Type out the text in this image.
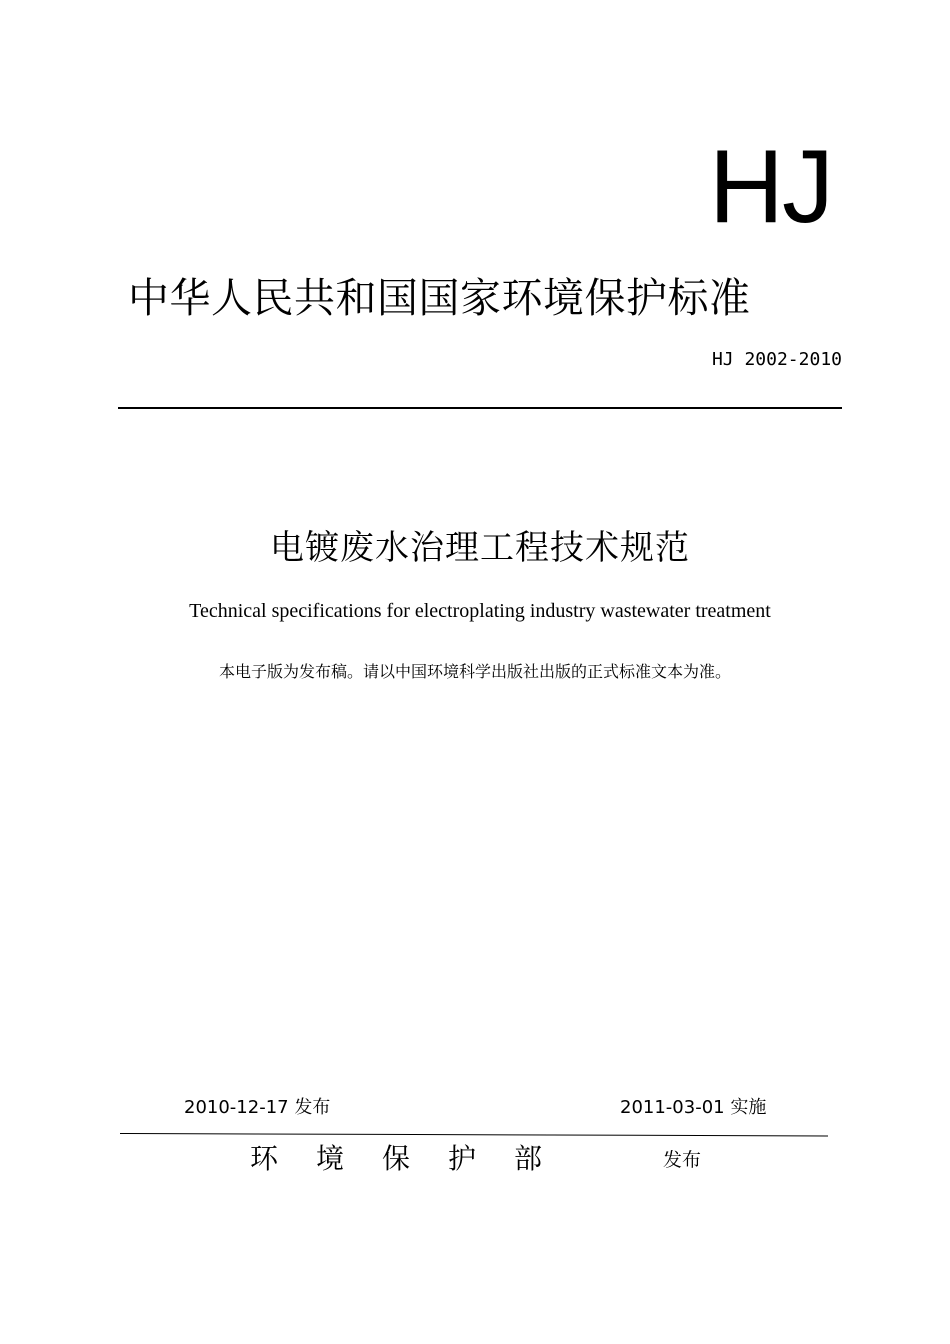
HJ
中华人民共和国国家环境保护标准
HJ 2002-2010
电镀废水治理工程技术规范
Technical specifications for electroplating industry wastewater treatment
本电子版为发布稿。请以中国环境科学出版社出版的正式标准文本为准。
2010-12-17 发布	2011-03-01 实施
环境保护部	发布
